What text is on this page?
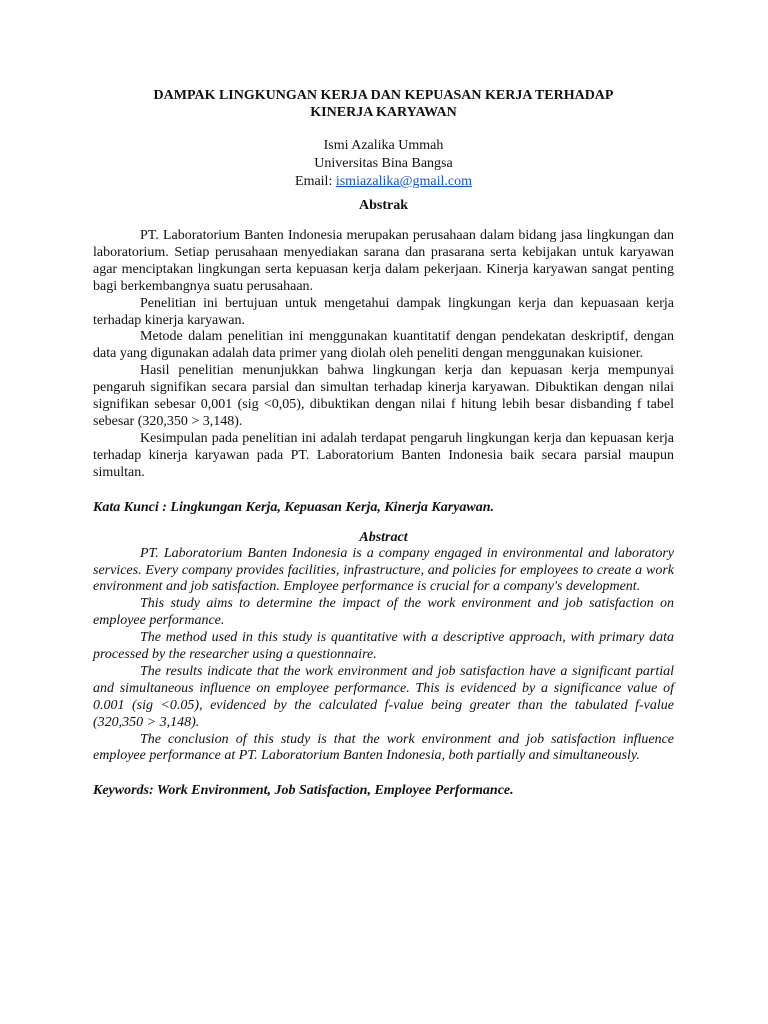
DAMPAK LINGKUNGAN KERJA DAN KEPUASAN KERJA TERHADAP
KINERJA KARYAWAN
Ismi Azalika Ummah
Universitas Bina Bangsa
Email: ismiazalika@gmail.com
Abstrak

PT. Laboratorium Banten Indonesia merupakan perusahaan dalam bidang jasa lingkungan dan laboratorium. Setiap perusahaan menyediakan sarana dan prasarana serta kebijakan untuk karyawan agar menciptakan lingkungan serta kepuasan kerja dalam pekerjaan. Kinerja karyawan sangat penting bagi berkembangnya suatu perusahaan.

Penelitian ini bertujuan untuk mengetahui dampak lingkungan kerja dan kepuasaan kerja terhadap kinerja karyawan.

Metode dalam penelitian ini menggunakan kuantitatif dengan pendekatan deskriptif, dengan data yang digunakan adalah data primer yang diolah oleh peneliti dengan menggunakan kuisioner.

Hasil penelitian menunjukkan bahwa lingkungan kerja dan kepuasan kerja mempunyai pengaruh signifikan secara parsial dan simultan terhadap kinerja karyawan. Dibuktikan dengan nilai signifikan sebesar 0,001 (sig <0,05), dibuktikan dengan nilai f hitung lebih besar disbanding f tabel sebesar (320,350 > 3,148).

Kesimpulan pada penelitian ini adalah terdapat pengaruh lingkungan kerja dan kepuasan kerja terhadap kinerja karyawan pada PT. Laboratorium Banten Indonesia baik secara parsial maupun simultan.

Kata Kunci : Lingkungan Kerja, Kepuasan Kerja, Kinerja Karyawan.
Abstract

PT. Laboratorium Banten Indonesia is a company engaged in environmental and laboratory services. Every company provides facilities, infrastructure, and policies for employees to create a work environment and job satisfaction. Employee performance is crucial for a company's development.

This study aims to determine the impact of the work environment and job satisfaction on employee performance.

The method used in this study is quantitative with a descriptive approach, with primary data processed by the researcher using a questionnaire.

The results indicate that the work environment and job satisfaction have a significant partial and simultaneous influence on employee performance. This is evidenced by a significance value of 0.001 (sig <0.05), evidenced by the calculated f-value being greater than the tabulated f-value (320,350 > 3,148).

The conclusion of this study is that the work environment and job satisfaction influence employee performance at PT. Laboratorium Banten Indonesia, both partially and simultaneously.

Keywords: Work Environment, Job Satisfaction, Employee Performance.
